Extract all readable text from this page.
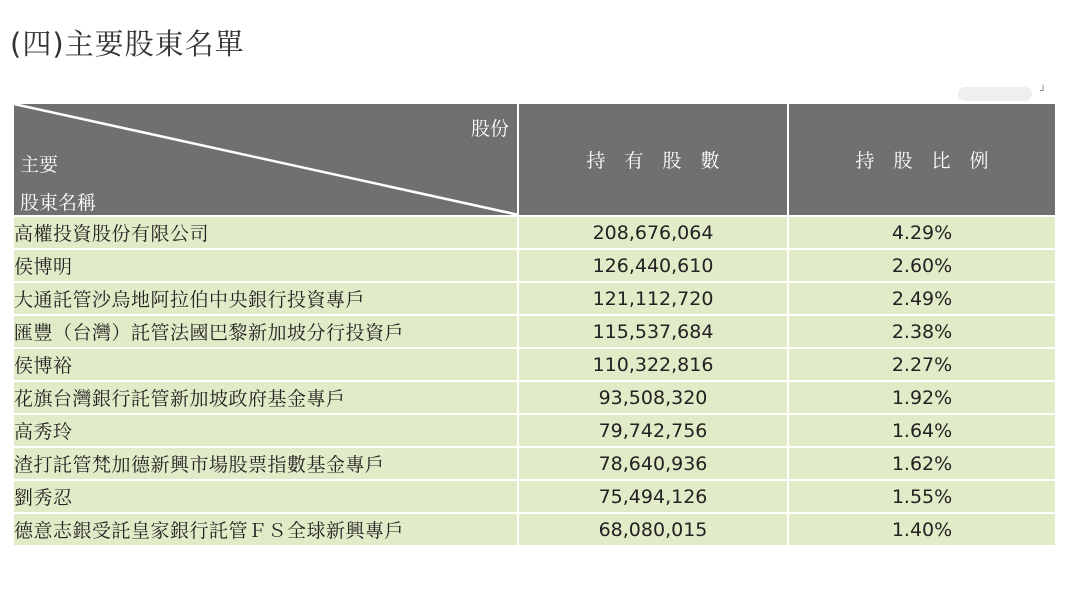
(四)主要股東名單
┘
股份
主要
股東名稱	持　有　股　數	持　股　比　例
高權投資股份有限公司	208,676,064	4.29%
侯博明	126,440,610	2.60%
大通託管沙烏地阿拉伯中央銀行投資專戶	121,112,720	2.49%
匯豐（台灣）託管法國巴黎新加坡分行投資戶	115,537,684	2.38%
侯博裕	110,322,816	2.27%
花旗台灣銀行託管新加坡政府基金專戶	93,508,320	1.92%
高秀玲	79,742,756	1.64%
渣打託管梵加德新興市場股票指數基金專戶	78,640,936	1.62%
劉秀忍	75,494,126	1.55%
德意志銀受託皇家銀行託管ＦＳ全球新興專戶	68,080,015	1.40%
